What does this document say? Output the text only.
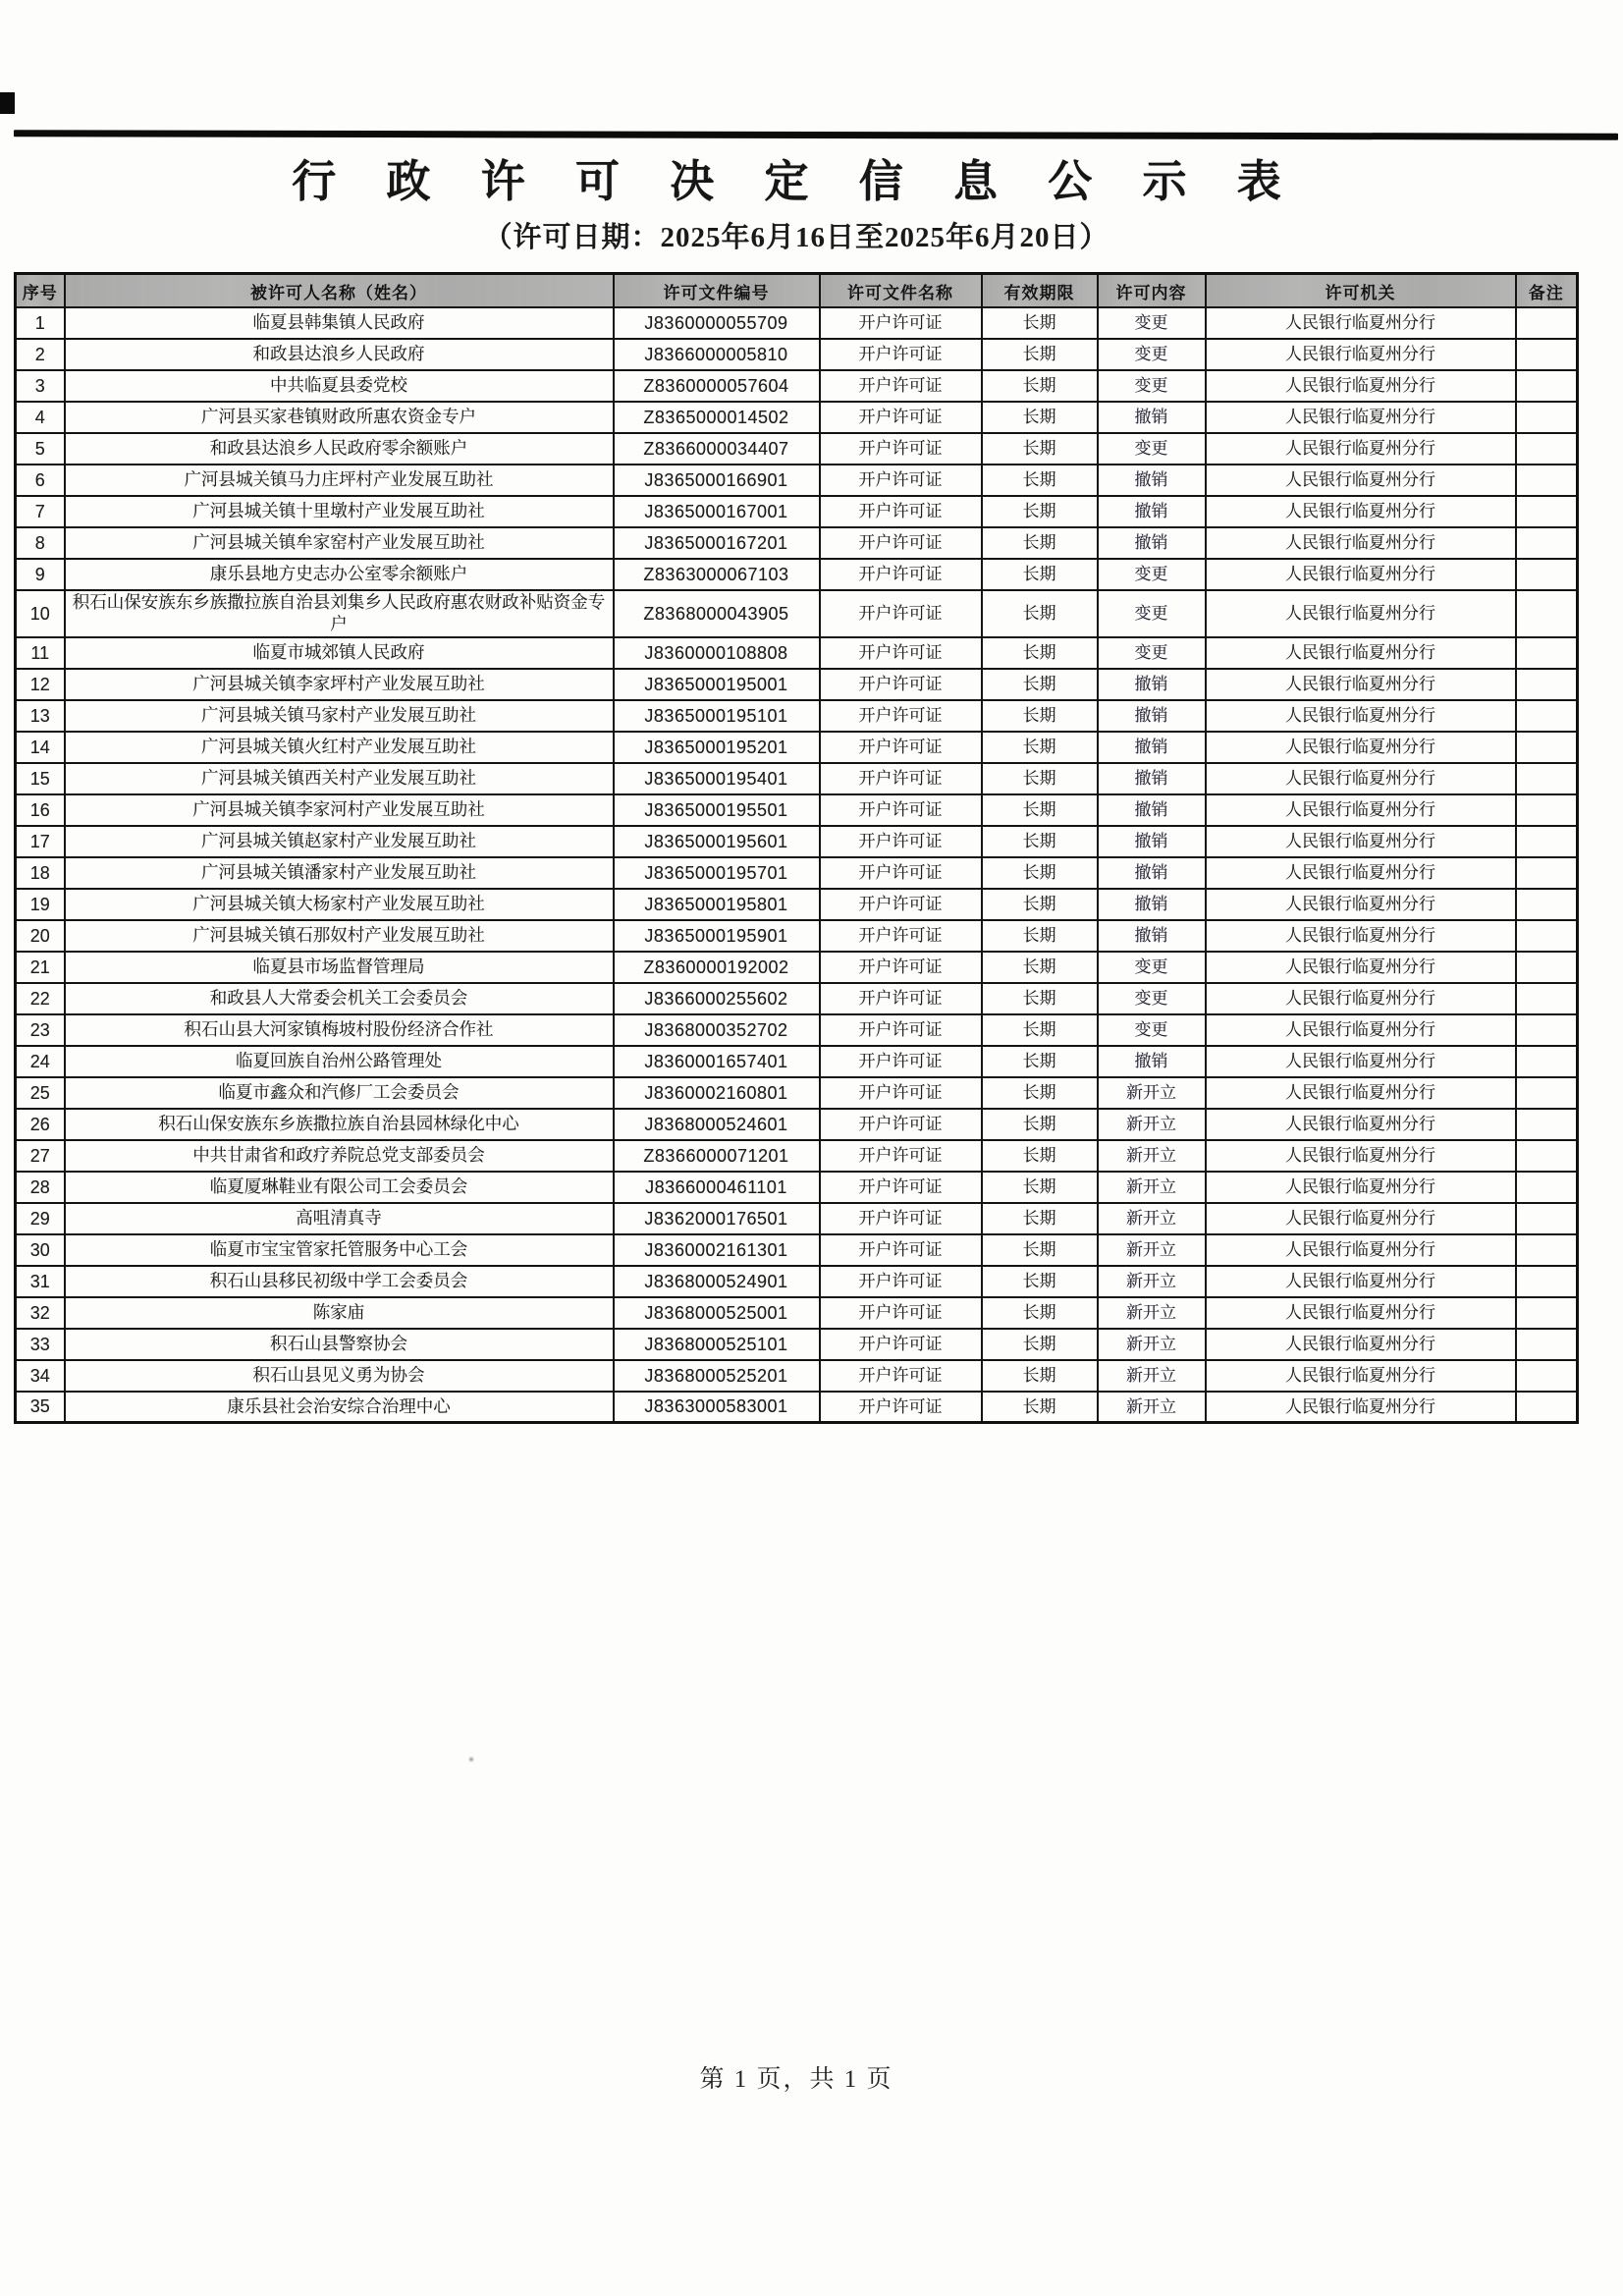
行 政 许 可 决 定 信 息 公 示 表
（许可日期：2025年6月16日至2025年6月20日）
序号	被许可人名称（姓名）	许可文件编号	许可文件名称	有效期限	许可内容	许可机关	备注
1	临夏县韩集镇人民政府	J8360000055709	开户许可证	长期	变更	人民银行临夏州分行	
2	和政县达浪乡人民政府	J8366000005810	开户许可证	长期	变更	人民银行临夏州分行	
3	中共临夏县委党校	Z8360000057604	开户许可证	长期	变更	人民银行临夏州分行	
4	广河县买家巷镇财政所惠农资金专户	Z8365000014502	开户许可证	长期	撤销	人民银行临夏州分行	
5	和政县达浪乡人民政府零余额账户	Z8366000034407	开户许可证	长期	变更	人民银行临夏州分行	
6	广河县城关镇马力庄坪村产业发展互助社	J8365000166901	开户许可证	长期	撤销	人民银行临夏州分行	
7	广河县城关镇十里墩村产业发展互助社	J8365000167001	开户许可证	长期	撤销	人民银行临夏州分行	
8	广河县城关镇牟家窑村产业发展互助社	J8365000167201	开户许可证	长期	撤销	人民银行临夏州分行	
9	康乐县地方史志办公室零余额账户	Z8363000067103	开户许可证	长期	变更	人民银行临夏州分行	
10	积石山保安族东乡族撒拉族自治县刘集乡人民政府惠农财政补贴资金专户	Z8368000043905	开户许可证	长期	变更	人民银行临夏州分行	
11	临夏市城郊镇人民政府	J8360000108808	开户许可证	长期	变更	人民银行临夏州分行	
12	广河县城关镇李家坪村产业发展互助社	J8365000195001	开户许可证	长期	撤销	人民银行临夏州分行	
13	广河县城关镇马家村产业发展互助社	J8365000195101	开户许可证	长期	撤销	人民银行临夏州分行	
14	广河县城关镇火红村产业发展互助社	J8365000195201	开户许可证	长期	撤销	人民银行临夏州分行	
15	广河县城关镇西关村产业发展互助社	J8365000195401	开户许可证	长期	撤销	人民银行临夏州分行	
16	广河县城关镇李家河村产业发展互助社	J8365000195501	开户许可证	长期	撤销	人民银行临夏州分行	
17	广河县城关镇赵家村产业发展互助社	J8365000195601	开户许可证	长期	撤销	人民银行临夏州分行	
18	广河县城关镇潘家村产业发展互助社	J8365000195701	开户许可证	长期	撤销	人民银行临夏州分行	
19	广河县城关镇大杨家村产业发展互助社	J8365000195801	开户许可证	长期	撤销	人民银行临夏州分行	
20	广河县城关镇石那奴村产业发展互助社	J8365000195901	开户许可证	长期	撤销	人民银行临夏州分行	
21	临夏县市场监督管理局	Z8360000192002	开户许可证	长期	变更	人民银行临夏州分行	
22	和政县人大常委会机关工会委员会	J8366000255602	开户许可证	长期	变更	人民银行临夏州分行	
23	积石山县大河家镇梅坡村股份经济合作社	J8368000352702	开户许可证	长期	变更	人民银行临夏州分行	
24	临夏回族自治州公路管理处	J8360001657401	开户许可证	长期	撤销	人民银行临夏州分行	
25	临夏市鑫众和汽修厂工会委员会	J8360002160801	开户许可证	长期	新开立	人民银行临夏州分行	
26	积石山保安族东乡族撒拉族自治县园林绿化中心	J8368000524601	开户许可证	长期	新开立	人民银行临夏州分行	
27	中共甘肃省和政疗养院总党支部委员会	Z8366000071201	开户许可证	长期	新开立	人民银行临夏州分行	
28	临夏厦琳鞋业有限公司工会委员会	J8366000461101	开户许可证	长期	新开立	人民银行临夏州分行	
29	高咀清真寺	J8362000176501	开户许可证	长期	新开立	人民银行临夏州分行	
30	临夏市宝宝管家托管服务中心工会	J8360002161301	开户许可证	长期	新开立	人民银行临夏州分行	
31	积石山县移民初级中学工会委员会	J8368000524901	开户许可证	长期	新开立	人民银行临夏州分行	
32	陈家庙	J8368000525001	开户许可证	长期	新开立	人民银行临夏州分行	
33	积石山县警察协会	J8368000525101	开户许可证	长期	新开立	人民银行临夏州分行	
34	积石山县见义勇为协会	J8368000525201	开户许可证	长期	新开立	人民银行临夏州分行	
35	康乐县社会治安综合治理中心	J8363000583001	开户许可证	长期	新开立	人民银行临夏州分行	
第 1 页，共 1 页
